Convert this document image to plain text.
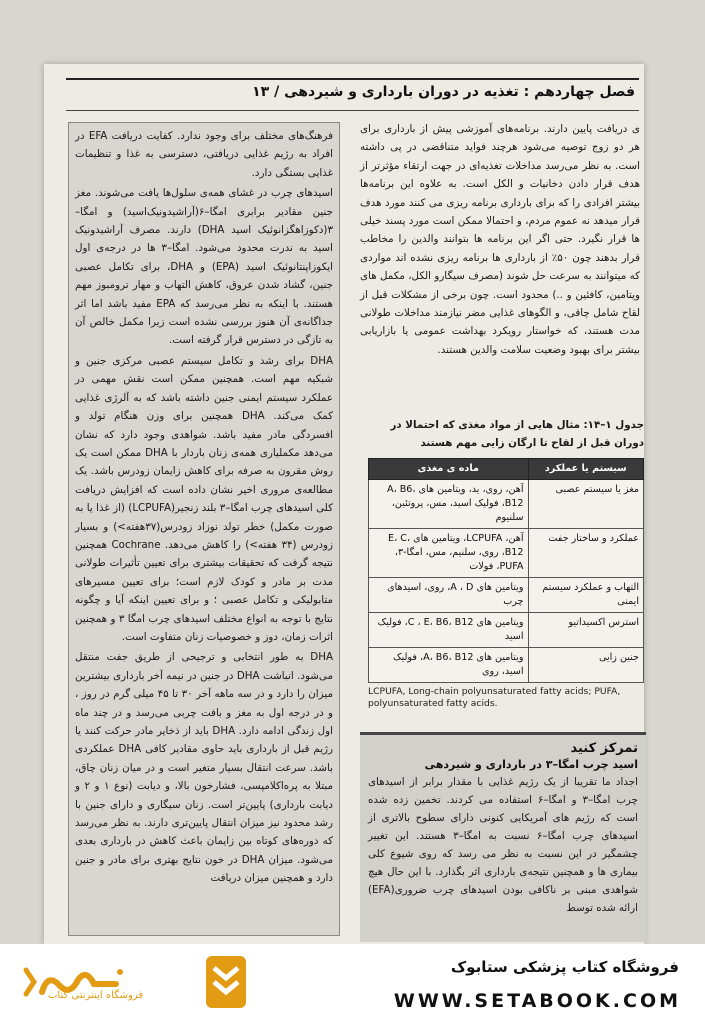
فصل چهاردهم : تغذیه در دوران بارداری و شیردهی / ۱۳

فرهنگ‌های مختلف برای وجود ندارد. کفایت دریافت EFA در افراد به رژیم غذایی دریافتی، دسترسی به غذا و تنظیمات غذایی بستگی دارد.

اسیدهای چرب در غشای همه‌ی سلول‌ها یافت می‌شوند. مغز جنین مقادیر برابری امگا–۶(آراشیدونیک‌اسید) و امگا–۳(دکوزاهگزانوئیک اسید DHA) دارند. مصرف آراشیدونیک اسید به ندرت محدود می‌شود. امگا–۳ ها در درجه‌ی اول ایکوزاپنتانوئیک اسید (EPA) و DHA، برای تکامل عصبی جنین، گشاد شدن عروق، کاهش التهاب و مهار ترومبوز مهم هستند. با اینکه به نظر می‌رسد که EPA مفید باشد اما اثر جداگانه‌ی آن هنوز بررسی نشده است زیرا مکمل خالص آن به تازگی در دسترس قرار گرفته است.

DHA برای رشد و تکامل سیستم عصبی مرکزی جنین و شبکیه مهم است. همچنین ممکن است نقش مهمی در عملکرد سیستم ایمنی جنین داشته باشد که به آلرژی غذایی کمک می‌کند. DHA همچنین برای وزن هنگام تولد و افسردگی مادر مفید باشد. شواهدی وجود دارد که نشان می‌دهد مکملیاری همه‌ی زنان باردار با DHA ممکن است یک روش مقرون به صرفه برای کاهش زایمان زودرس باشد. یک مطالعه‌ی مروری اخیر نشان داده است که افزایش دریافت کلی اسیدهای چرب امگا–۳ بلند زنجیر(LCPUFA) (از غذا یا به صورت مکمل) خطر تولد نوزاد زودرس(۳۷هفته>) و بسیار زودرس (۳۴ هفته>) را کاهش می‌دهد. Cochrane همچنین نتیجه گرفت که تحقیقات بیشتری برای تعیین تأثیرات طولانی مدت بر مادر و کودک لازم است؛ برای تعیین مسیرهای متابولیکی و تکامل عصبی ؛ و برای تعیین اینکه آیا و چگونه نتایج با توجه به انواع مختلف اسیدهای چرب امگا ۳ و همچنین اثرات زمان، دوز و خصوصیات زنان متفاوت است.

DHA به طور انتخابی و ترجیحی از طریق جفت منتقل می‌شود. انباشت DHA در جنین در نیمه آخر بارداری بیشترین میزان را دارد و در سه ماهه آخر ۳۰ تا ۴۵ میلی گرم در روز ، و در درجه اول به مغز و بافت چربی می‌رسد و در چند ماه اول زندگی ادامه دارد. DHA باید از ذخایر مادر حرکت کنند یا رژیم قبل از بارداری باید حاوی مقادیر کافی DHA عملکردی باشد. سرعت انتقال بسیار متغیر است و در میان زنان چاق، مبتلا به پره‌اکلامپسی، فشارخون بالا، و دیابت (نوع ۱ و ۲ و دیابت بارداری) پایین‌تر است. زنان سیگاری و دارای جنین با رشد محدود نیز میزان انتقال پایین‌تری دارند. به نظر می‌رسد که دوره‌های کوتاه بین زایمان باعث کاهش در بارداری بعدی می‌شود. میزان DHA در خون نتایج بهتری برای مادر و جنین دارد و همچنین میزان دریافت

ی دریافت پایین دارند. برنامه‌های آموزشی پیش از بارداری برای هر دو زوج توصیه می‌شود هرچند فواید متناقضی در پی داشته است. به نظر می‌رسد مداخلات تغذیه‌ای در جهت ارتقاء مؤثرتر از هدف قرار دادن دخانیات و الکل است. به علاوه این برنامه‌ها بیشتر افرادی را که برای بارداری برنامه ریزی می کنند مورد هدف قرار میدهد نه عموم مردم، و احتمالا ممکن است مورد پسند خیلی ها قرار نگیرد. حتی اگر این برنامه ها بتوانند والدین را مخاطب قرار بدهند چون ۵۰٪ از بارداری ها برنامه ریزی نشده اند مواردی که میتوانند به سرعت حل شوند (مصرف سیگارو الکل، مکمل های ویتامین، کافئین و ..) محدود است. چون برخی از مشکلات قبل از لقاح شامل چاقی، و الگوهای غذایی مضر نیازمند مداخلات طولانی مدت هستند، که خواستار رویکرد بهداشت عمومی یا بازاریابی بیشتر برای بهبود وضعیت سلامت والدین هستند.

جدول ۱–۱۴: مثال هایی از مواد مغذی که احتمالا در دوران قبل از لقاح تا ارگان زایی مهم هستند
سیستم یا عملکرد	ماده ی مغذی
مغز یا سیستم عصبی	آهن، روی، ید، ویتامین های A، B6، B12، فولیک اسید، مس، پروتئین، سلنیوم
عملکرد و ساختار جفت	آهن، LCPUFA، ویتامین های E، C، B12، روی، سلنیم، مس، امگا-۳، PUFA، فولات
التهاب و عملکرد سیستم ایمنی	ویتامین های A ، D، روی، اسیدهای چرب
استرس اکسیداتیو	ویتامین های C ، E، B6، B12، فولیک اسید
جنین زایی	ویتامین های A، B6، B12، فولیک اسید، روی
LCPUFA, Long-chain polyunsaturated fatty acids; PUFA, polyunsaturated fatty acids.
تمرکز کنید
اسید چرب امگا–۳ در بارداری و شیردهی
اجداد ما تقریبا از یک رژیم غذایی با مقدار برابر از اسیدهای چرب امگا–۳ و امگا–۶ استفاده می کردند. تخمین زده شده است که رژیم های آمریکایی کنونی دارای سطوح بالاتری از اسیدهای چرب امگا–۶ نسبت به امگا–۳ هستند. این تغییر چشمگیر در این نسبت به نظر می رسد که روی شیوع کلی بیماری ها و همچنین نتیجه‌ی بارداری اثر بگذارد. با این حال هیچ شواهدی مبنی بر ناکافی بودن اسیدهای چرب ضروری(EFA) ارائه شده توسط
فروشگاه کتاب پزشکی ستابوک
WWW.SETABOOK.COM
فروشگاه اینترنتی کتاب
